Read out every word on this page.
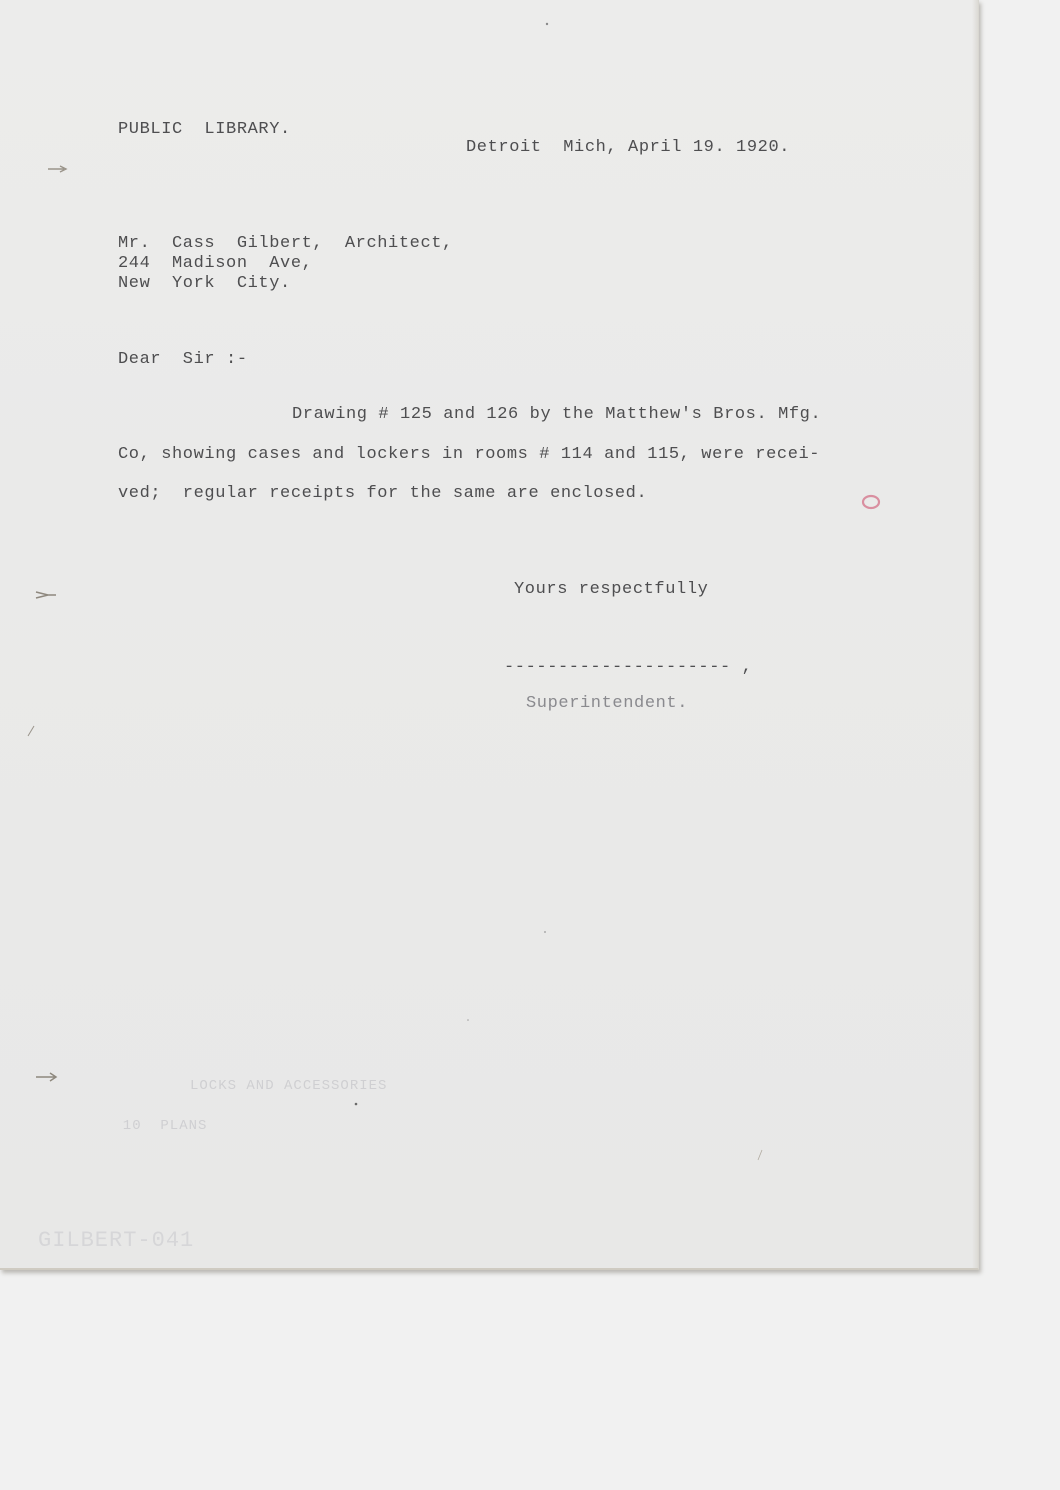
PUBLIC  LIBRARY.
Detroit  Mich, April 19. 1920.
Mr.  Cass  Gilbert,  Architect,
244  Madison  Ave,
New  York  City.
Dear  Sir :-
Drawing # 125 and 126 by the Matthew's Bros. Mfg.
Co, showing cases and lockers in rooms # 114 and 115, were recei-
ved;  regular receipts for the same are enclosed.
Yours respectfully
--------------------- ,
Superintendent.
LOCKS AND ACCESSORIES
10  PLANS
GILBERT-041
